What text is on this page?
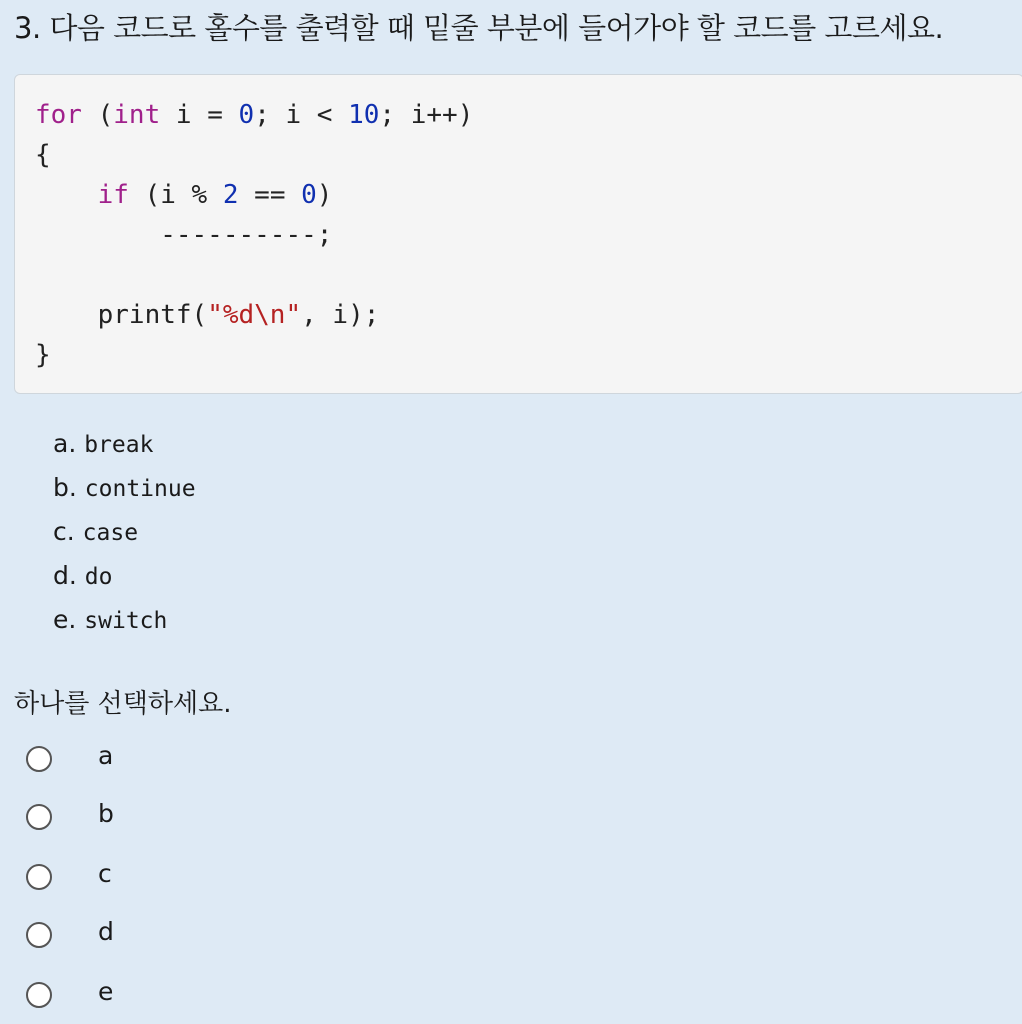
3. 다음 코드로 홀수를 출력할 때 밑줄 부분에 들어가야 할 코드를 고르세요.
for (int i = 0; i < 10; i++)
{
if (i % 2 == 0)
----------;
printf("%d\n", i);
}
a. break
b. continue
c. case
d. do
e. switch
하나를 선택하세요.
a
b
c
d
e
